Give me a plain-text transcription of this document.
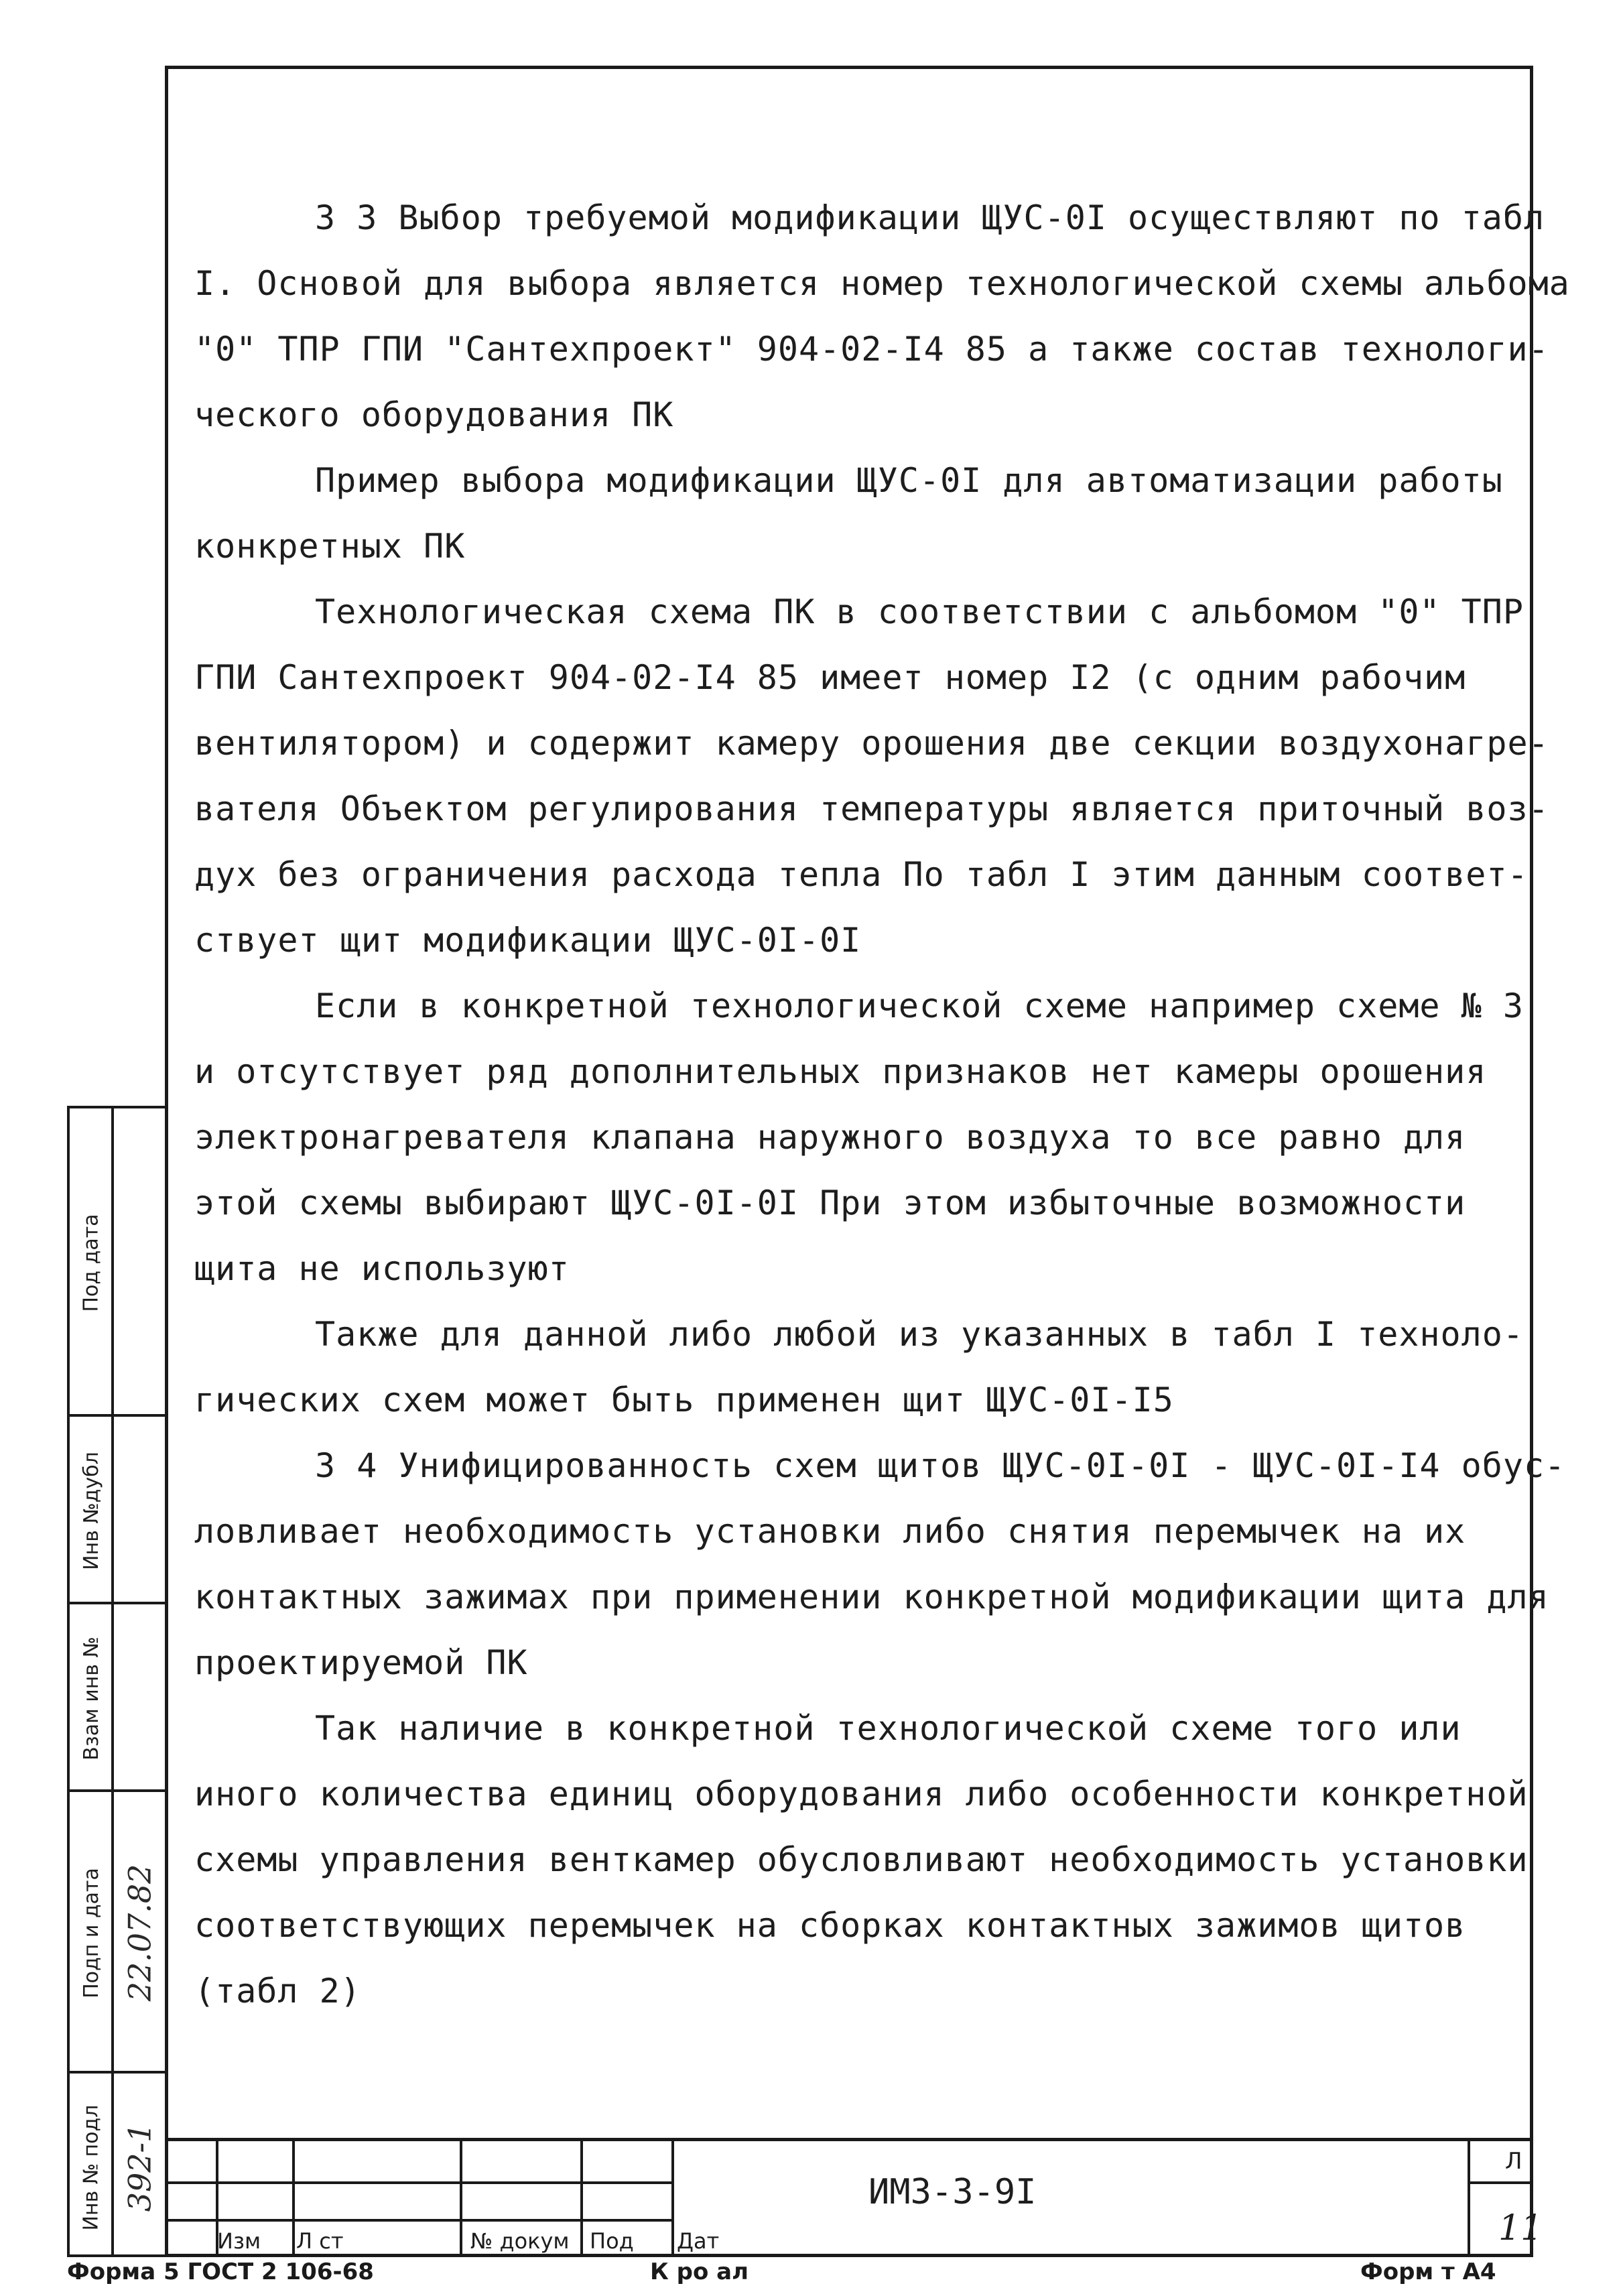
3 3 Выбор требуемой модификации ЩУС-0I осуществляют по табл
I. Основой для выбора является номер технологической схемы альбома
"0" ТПР ГПИ "Сантехпроект" 904-02-I4 85 а также состав технологи-
ческого оборудования ПК
Пример выбора модификации ЩУС-0I для автоматизации работы
конкретных ПК
Технологическая схема ПК в соответствии с альбомом "0" ТПР
ГПИ Сантехпроект 904-02-I4 85 имеет номер I2 (с одним рабочим
вентилятором) и содержит камеру орошения две секции воздухонагре-
вателя Объектом регулирования температуры является приточный воз-
дух без ограничения расхода тепла По табл I этим данным соответ-
ствует щит модификации ЩУС-0I-0I
Если в конкретной технологической схеме например схеме № 3
и отсутствует ряд дополнительных признаков нет камеры орошения
электронагревателя клапана наружного воздуха то все равно для
этой схемы выбирают ЩУС-0I-0I При этом избыточные возможности
щита не используют
Также для данной либо любой из указанных в табл I техноло-
гических схем может быть применен щит ЩУС-0I-I5
3 4 Унифицированность схем щитов ЩУС-0I-0I - ЩУС-0I-I4 обус-
ловливает необходимость установки либо снятия перемычек на их
контактных зажимах при применении конкретной модификации щита для
проектируемой ПК
Так наличие в конкретной технологической схеме того или
иного количества единиц оборудования либо особенности конкретной
схемы управления венткамер обусловливают необходимость установки
соответствующих перемычек на сборках контактных зажимов щитов
(табл 2)
Под дата
Инв №дубл
Взам инв №
Подп и дата 22.07.82
Инв № подл 392-1
Изм Л ст	№ докум Под Дат
ИМЗ-3-9I
Л
11
Форма 5 ГОСТ 2 106-68	К ро ал	Форм т А4
